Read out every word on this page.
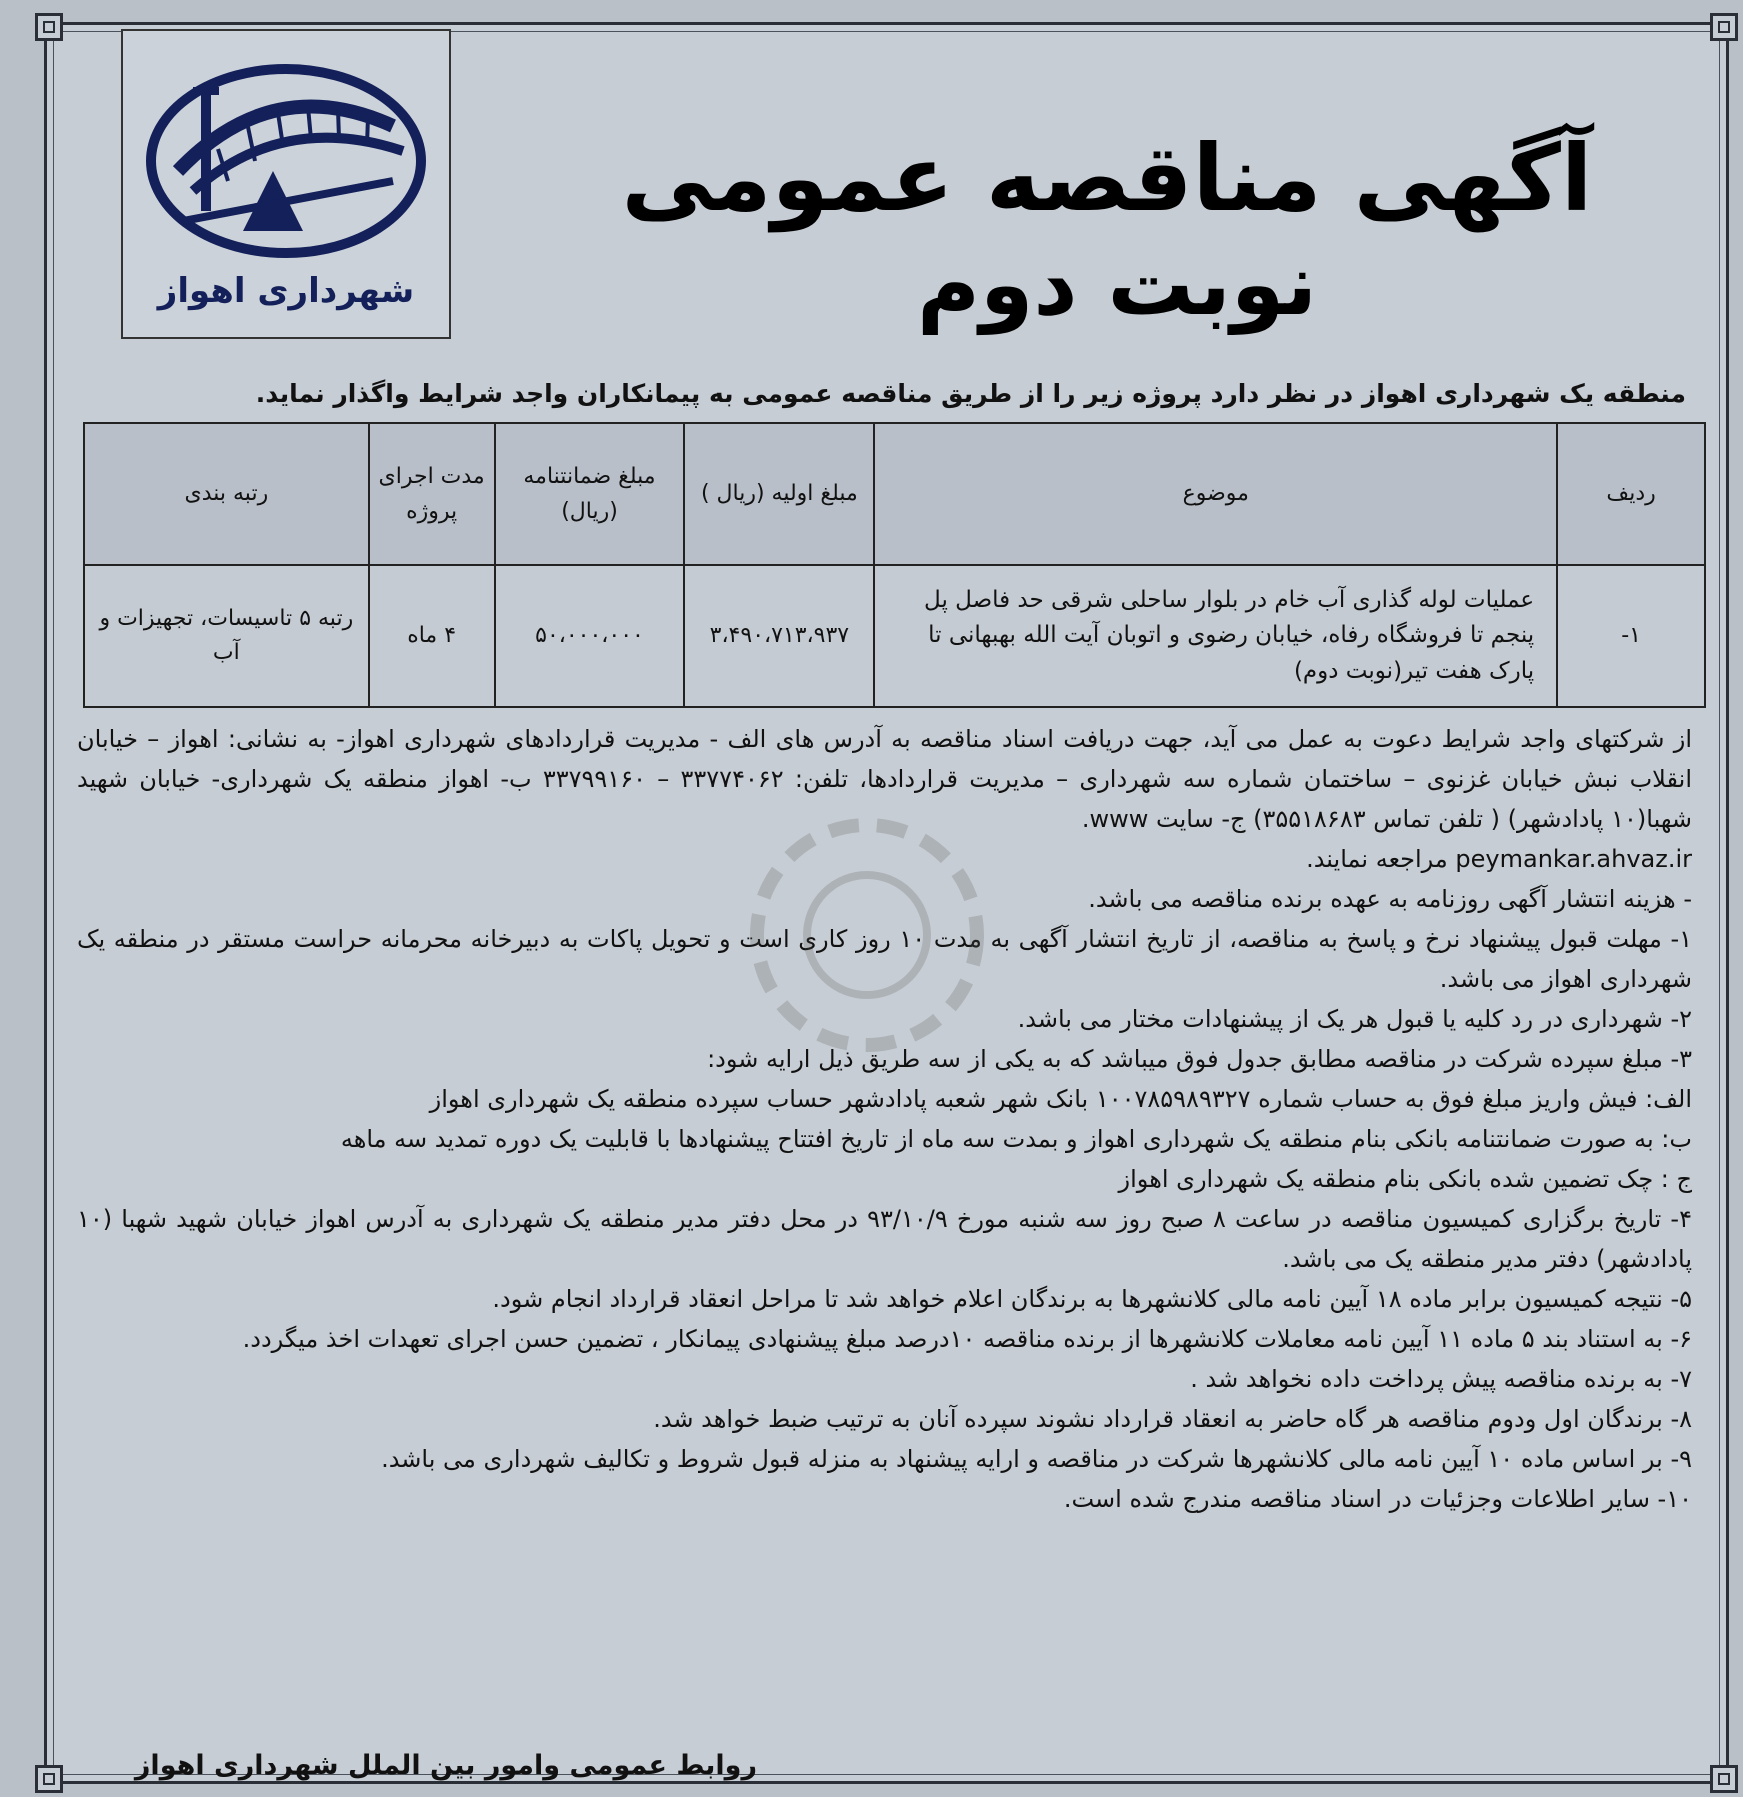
شهرداری اهواز
آگهی مناقصه عمومی
نوبت دوم
منطقه یک شهرداری اهواز در نظر دارد پروژه زیر را از طریق مناقصه عمومی به پیمانکاران واجد شرایط واگذار نماید.
ردیف	موضوع	مبلغ اولیه (ریال )	مبلغ ضمانتنامه (ریال)	مدت اجرای پروژه	رتبه بندی
۱-	عملیات لوله گذاری آب خام در بلوار ساحلی شرقی حد فاصل پل پنجم تا فروشگاه رفاه، خیابان رضوی و اتوبان آیت الله بهبهانی تا پارک هفت تیر(نوبت دوم)	۳،۴۹۰،۷۱۳،۹۳۷	۵۰،۰۰۰،۰۰۰	۴ ماه	رتبه ۵ تاسیسات، تجهیزات و آب

از شرکتهای واجد شرایط دعوت به عمل می آید، جهت دریافت اسناد مناقصه به آدرس های الف - مدیریت قراردادهای شهرداری اهواز- به نشانی: اهواز – خیابان انقلاب نبش خیابان غزنوی – ساختمان شماره سه شهرداری – مدیریت قراردادها، تلفن: ۳۳۷۷۴۰۶۲ – ۳۳۷۹۹۱۶۰ ب- اهواز منطقه یک شهرداری- خیابان شهید شهبا(۱۰ پادادشهر) ( تلفن تماس ۳۵۵۱۸۶۸۳) ج- سایت www.
peymankar.ahvaz.ir مراجعه نمایند.

- هزینه انتشار آگهی روزنامه به عهده برنده مناقصه می باشد.

۱- مهلت قبول پیشنهاد نرخ و پاسخ به مناقصه، از تاریخ انتشار آگهی به مدت ۱۰ روز کاری است و تحویل پاکات به دبیرخانه محرمانه حراست مستقر در منطقه یک شهرداری اهواز می باشد.

۲- شهرداری در رد کلیه یا قبول هر یک از پیشنهادات مختار می باشد.

۳- مبلغ سپرده شرکت در مناقصه مطابق جدول فوق میباشد که به یکی از سه طریق ذیل ارایه شود:

الف: فیش واریز مبلغ فوق به حساب شماره ۱۰۰۷۸۵۹۸۹۳۲۷ بانک شهر شعبه پادادشهر حساب سپرده منطقه یک شهرداری اهواز

ب: به صورت ضمانتنامه بانکی بنام منطقه یک شهرداری اهواز و بمدت سه ماه از تاریخ افتتاح پیشنهادها با قابلیت یک دوره تمدید سه ماهه

ج : چک تضمین شده بانکی بنام منطقه یک شهرداری اهواز

۴- تاریخ برگزاری کمیسیون مناقصه در ساعت ۸ صبح روز سه شنبه مورخ ۹۳/۱۰/۹ در محل دفتر مدیر منطقه یک شهرداری به آدرس اهواز خیابان شهید شهبا (۱۰ پادادشهر) دفتر مدیر منطقه یک می باشد.

۵- نتیجه کمیسیون برابر ماده ۱۸ آیین نامه مالی کلانشهرها به برندگان اعلام خواهد شد تا مراحل انعقاد قرارداد انجام شود.

۶- به استناد بند ۵ ماده ۱۱ آیین نامه معاملات کلانشهرها از برنده مناقصه ۱۰درصد مبلغ پیشنهادی پیمانکار ، تضمین حسن اجرای تعهدات اخذ میگردد.

۷- به برنده مناقصه پیش پرداخت داده نخواهد شد .

۸- برندگان اول ودوم مناقصه هر گاه حاضر به انعقاد قرارداد نشوند سپرده آنان به ترتیب ضبط خواهد شد.

۹- بر اساس ماده ۱۰ آیین نامه مالی کلانشهرها شرکت در مناقصه و ارایه پیشنهاد به منزله قبول شروط و تکالیف شهرداری می باشد.

۱۰- سایر اطلاعات وجزئیات در اسناد مناقصه مندرج شده است.

روابط عمومی وامور بین الملل شهرداری اهواز
